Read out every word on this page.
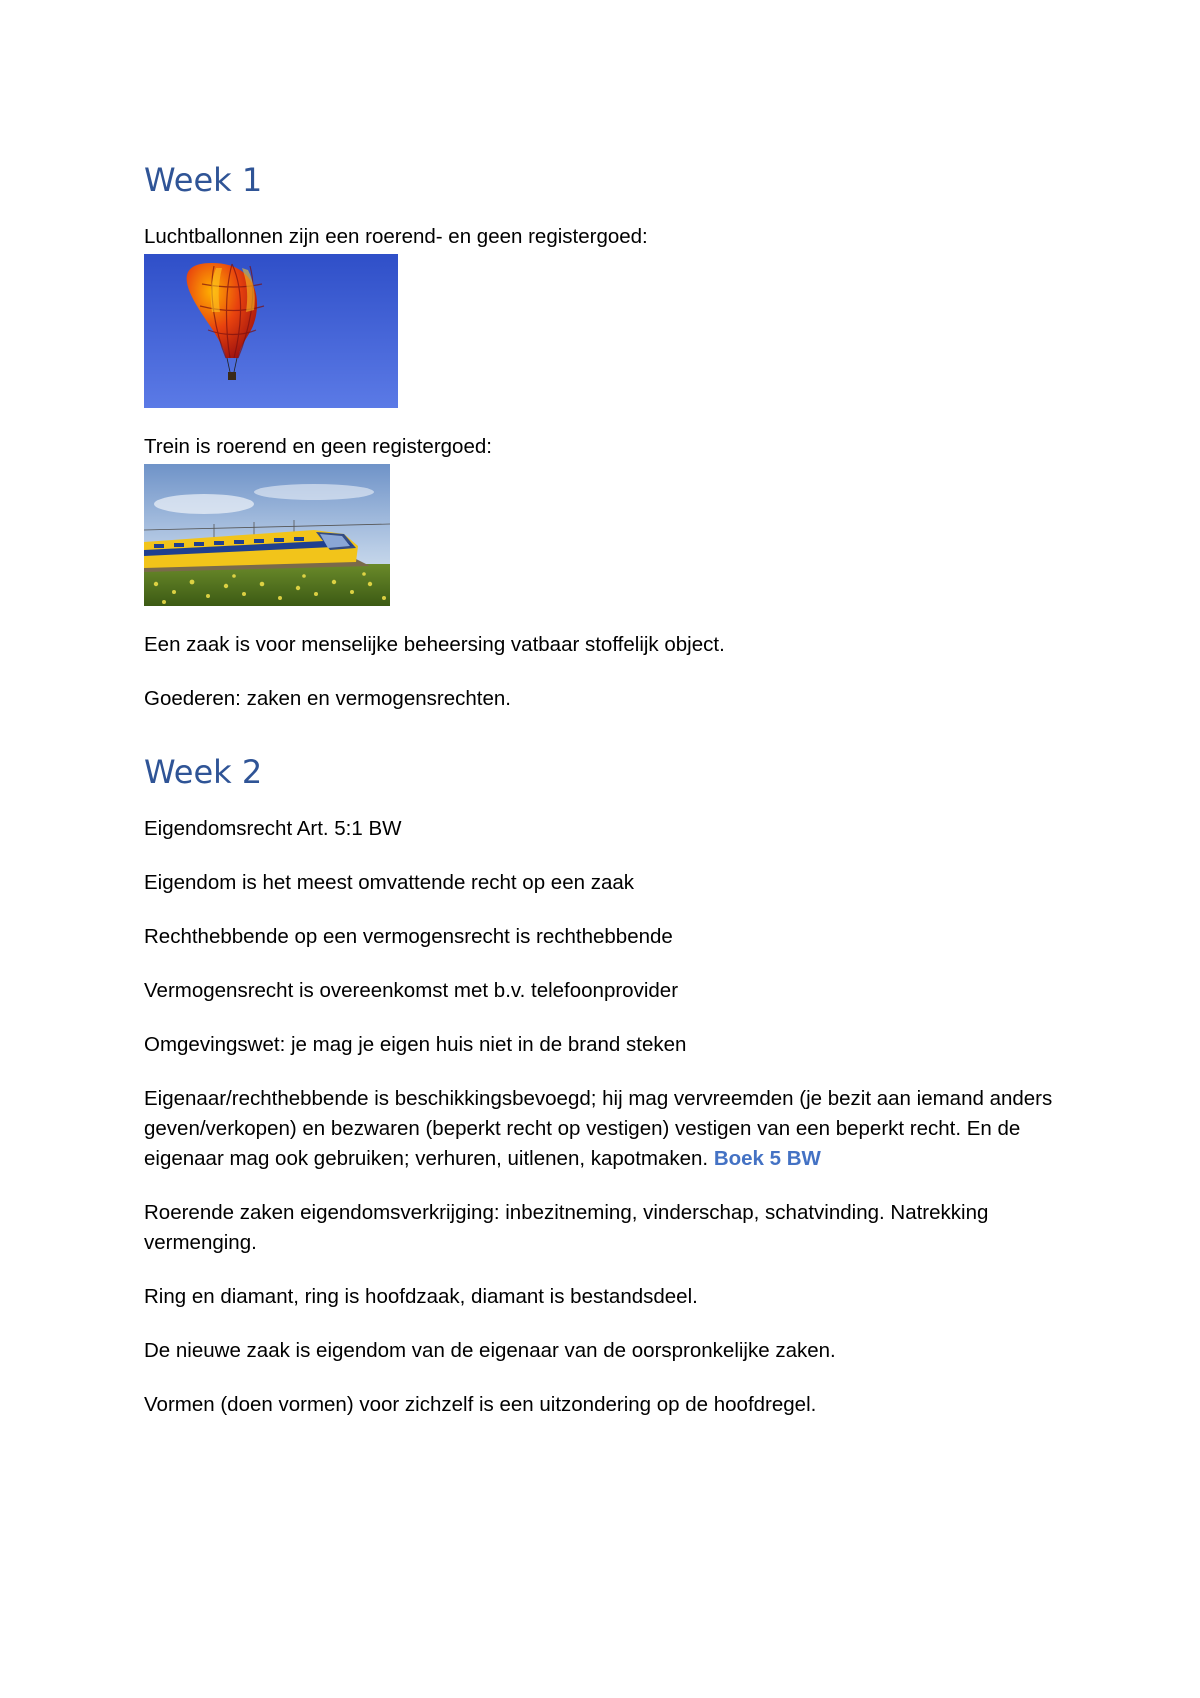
Week 1

Luchtballonnen zijn een roerend- en geen registergoed:

Trein is roerend en geen registergoed:

Een zaak is voor menselijke beheersing vatbaar stoffelijk object.

Goederen: zaken en vermogensrechten.

Week 2

Eigendomsrecht Art. 5:1 BW

Eigendom is het meest omvattende recht op een zaak

Rechthebbende op een vermogensrecht is rechthebbende

Vermogensrecht is overeenkomst met b.v. telefoonprovider

Omgevingswet: je mag je eigen huis niet in de brand steken

Eigenaar/rechthebbende is beschikkingsbevoegd; hij mag vervreemden (je bezit aan iemand anders geven/verkopen) en bezwaren (beperkt recht op vestigen) vestigen van een beperkt recht. En de eigenaar mag ook gebruiken; verhuren, uitlenen, kapotmaken. Boek 5 BW

Roerende zaken eigendomsverkrijging: inbezitneming, vinderschap, schatvinding. Natrekking vermenging.

Ring en diamant, ring is hoofdzaak, diamant is bestandsdeel.

De nieuwe zaak is eigendom van de eigenaar van de oorspronkelijke zaken.

Vormen (doen vormen) voor zichzelf is een uitzondering op de hoofdregel.
